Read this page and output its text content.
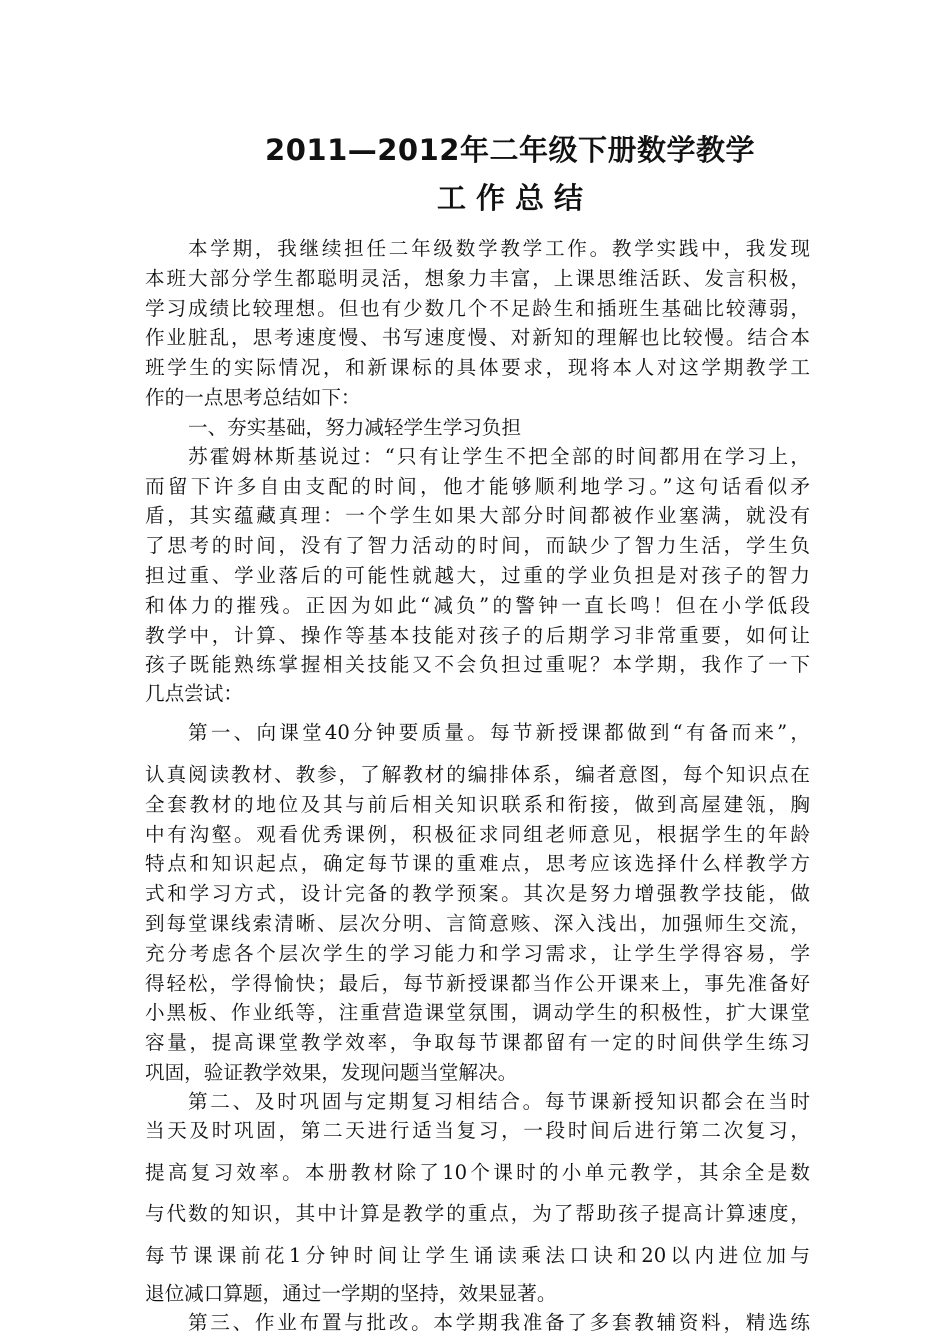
2011—2012年二年级下册数学教学
工作总结
本学期，我继续担任二年级数学教学工作。教学实践中，我发现
本班大部分学生都聪明灵活，想象力丰富，上课思维活跃、发言积极，
学习成绩比较理想。但也有少数几个不足龄生和插班生基础比较薄弱，
作业脏乱，思考速度慢、书写速度慢、对新知的理解也比较慢。结合本
班学生的实际情况，和新课标的具体要求，现将本人对这学期教学工
作的一点思考总结如下：
一、夯实基础，努力减轻学生学习负担
苏霍姆林斯基说过：“只有让学生不把全部的时间都用在学习上，
而留下许多自由支配的时间，他才能够顺利地学习。”这句话看似矛
盾，其实蕴藏真理：一个学生如果大部分时间都被作业塞满，就没有
了思考的时间，没有了智力活动的时间，而缺少了智力生活，学生负
担过重、学业落后的可能性就越大，过重的学业负担是对孩子的智力
和体力的摧残。正因为如此“减负”的警钟一直长鸣！但在小学低段
教学中，计算、操作等基本技能对孩子的后期学习非常重要，如何让
孩子既能熟练掌握相关技能又不会负担过重呢？本学期，我作了一下
几点尝试：
第一、向课堂40分钟要质量。每节新授课都做到“有备而来”，
认真阅读教材、教参，了解教材的编排体系，编者意图，每个知识点在
全套教材的地位及其与前后相关知识联系和衔接，做到高屋建瓴，胸
中有沟壑。观看优秀课例，积极征求同组老师意见，根据学生的年龄
特点和知识起点，确定每节课的重难点，思考应该选择什么样教学方
式和学习方式，设计完备的教学预案。其次是努力增强教学技能，做
到每堂课线索清晰、层次分明、言简意赅、深入浅出，加强师生交流，
充分考虑各个层次学生的学习能力和学习需求，让学生学得容易，学
得轻松，学得愉快；最后，每节新授课都当作公开课来上，事先准备好
小黑板、作业纸等，注重营造课堂氛围，调动学生的积极性，扩大课堂
容量，提高课堂教学效率，争取每节课都留有一定的时间供学生练习
巩固，验证教学效果，发现问题当堂解决。
第二、及时巩固与定期复习相结合。每节课新授知识都会在当时
当天及时巩固，第二天进行适当复习，一段时间后进行第二次复习，
提高复习效率。本册教材除了10个课时的小单元教学，其余全是数
与代数的知识，其中计算是教学的重点，为了帮助孩子提高计算速度，
每节课课前花1分钟时间让学生诵读乘法口诀和20以内进位加与
退位减口算题，通过一学期的坚持，效果显著。
第三、作业布置与批改。本学期我准备了多套教辅资料，精选练
